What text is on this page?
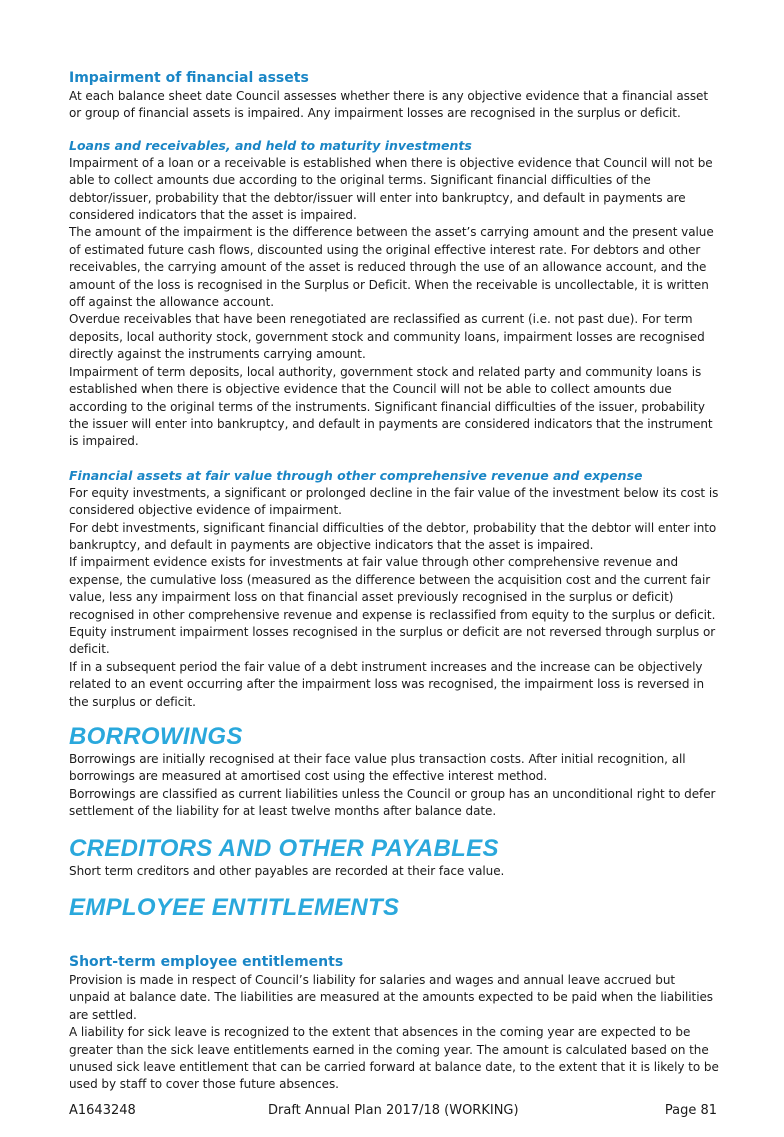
Impairment of financial assets

At each balance sheet date Council assesses whether there is any objective evidence that a financial asset or group of financial assets is impaired. Any impairment losses are recognised in the surplus or deficit.

Loans and receivables, and held to maturity investments

Impairment of a loan or a receivable is established when there is objective evidence that Council will not be able to collect amounts due according to the original terms. Significant financial difficulties of the debtor/issuer, probability that the debtor/issuer will enter into bankruptcy, and default in payments are considered indicators that the asset is impaired.

The amount of the impairment is the difference between the asset’s carrying amount and the present value of estimated future cash flows, discounted using the original effective interest rate. For debtors and other receivables, the carrying amount of the asset is reduced through the use of an allowance account, and the amount of the loss is recognised in the Surplus or Deficit. When the receivable is uncollectable, it is written off against the allowance account.

Overdue receivables that have been renegotiated are reclassified as current (i.e. not past due). For term deposits, local authority stock, government stock and community loans, impairment losses are recognised directly against the instruments carrying amount.

Impairment of term deposits, local authority, government stock and related party and community loans is established when there is objective evidence that the Council will not be able to collect amounts due according to the original terms of the instruments. Significant financial difficulties of the issuer, probability the issuer will enter into bankruptcy, and default in payments are considered indicators that the instrument is impaired.

Financial assets at fair value through other comprehensive revenue and expense

For equity investments, a significant or prolonged decline in the fair value of the investment below its cost is considered objective evidence of impairment.

For debt investments, significant financial difficulties of the debtor, probability that the debtor will enter into bankruptcy, and default in payments are objective indicators that the asset is impaired.

If impairment evidence exists for investments at fair value through other comprehensive revenue and expense, the cumulative loss (measured as the difference between the acquisition cost and the current fair value, less any impairment loss on that financial asset previously recognised in the surplus or deficit) recognised in other comprehensive revenue and expense is reclassified from equity to the surplus or deficit.

Equity instrument impairment losses recognised in the surplus or deficit are not reversed through surplus or deficit.

If in a subsequent period the fair value of a debt instrument increases and the increase can be objectively related to an event occurring after the impairment loss was recognised, the impairment loss is reversed in the surplus or deficit.

BORROWINGS

Borrowings are initially recognised at their face value plus transaction costs. After initial recognition, all borrowings are measured at amortised cost using the effective interest method.

Borrowings are classified as current liabilities unless the Council or group has an unconditional right to defer settlement of the liability for at least twelve months after balance date.

CREDITORS AND OTHER PAYABLES

Short term creditors and other payables are recorded at their face value.

EMPLOYEE ENTITLEMENTS
Short-term employee entitlements

Provision is made in respect of Council’s liability for salaries and wages and annual leave accrued but unpaid at balance date. The liabilities are measured at the amounts expected to be paid when the liabilities are settled.

A liability for sick leave is recognized to the extent that absences in the coming year are expected to be greater than the sick leave entitlements earned in the coming year. The amount is calculated based on the unused sick leave entitlement that can be carried forward at balance date, to the extent that it is likely to be used by staff to cover those future absences.

A1643248	Draft Annual Plan 2017/18 (WORKING)	Page 81
